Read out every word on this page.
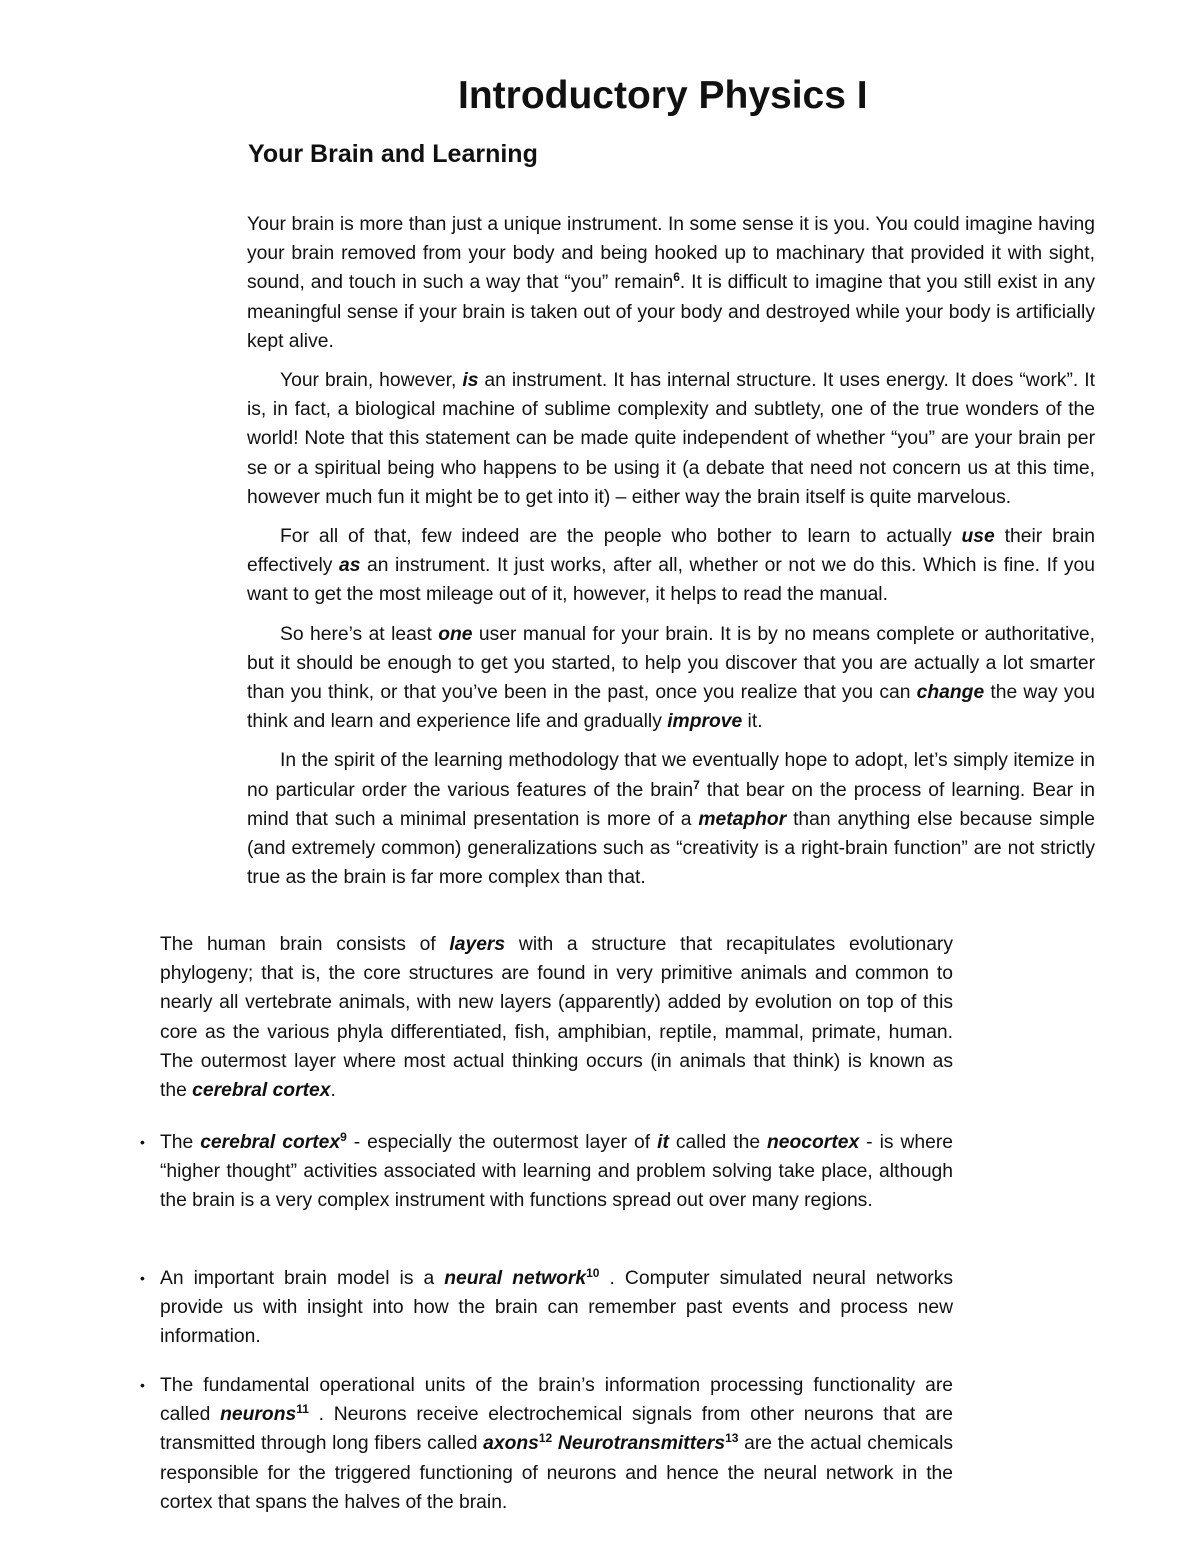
Introductory Physics I
Your Brain and Learning

Your brain is more than just a unique instrument. In some sense it is you. You could imagine having your brain removed from your body and being hooked up to machinary that provided it with sight, sound, and touch in such a way that “you” remain$^6$. It is difficult to imagine that you still exist in any meaningful sense if your brain is taken out of your body and destroyed while your body is artificially kept alive.

Your brain, however, is an instrument. It has internal structure. It uses energy. It does “work”. It is, in fact, a biological machine of sublime complexity and subtlety, one of the true wonders of the world! Note that this statement can be made quite independent of whether “you” are your brain per se or a spiritual being who happens to be using it (a debate that need not concern us at this time, however much fun it might be to get into it) – either way the brain itself is quite marvelous.

For all of that, few indeed are the people who bother to learn to actually use their brain effectively as an instrument. It just works, after all, whether or not we do this. Which is fine. If you want to get the most mileage out of it, however, it helps to read the manual.

So here’s at least one user manual for your brain. It is by no means complete or authoritative, but it should be enough to get you started, to help you discover that you are actually a lot smarter than you think, or that you’ve been in the past, once you realize that you can change the way you think and learn and experience life and gradually improve it.

In the spirit of the learning methodology that we eventually hope to adopt, let’s simply itemize in no particular order the various features of the brain$^7$ that bear on the process of learning. Bear in mind that such a minimal presentation is more of a metaphor than anything else because simple (and extremely common) generalizations such as “creativity is a right-brain function” are not strictly true as the brain is far more complex than that.

The human brain consists of layers with a structure that recapitulates evolutionary phylogeny; that is, the core structures are found in very primitive animals and common to nearly all vertebrate animals, with new layers (apparently) added by evolution on top of this core as the various phyla differentiated, fish, amphibian, reptile, mammal, primate, human. The outermost layer where most actual thinking occurs (in animals that think) is known as the cerebral cortex.

• The cerebral cortex$^9$ - especially the outermost layer of it called the neocortex - is where “higher thought” activities associated with learning and problem solving take place, although the brain is a very complex instrument with functions spread out over many regions.
• An important brain model is a neural network$^{10}$ . Computer simulated neural networks provide us with insight into how the brain can remember past events and process new information.
• The fundamental operational units of the brain’s information processing functionality are called neurons$^{11}$ . Neurons receive electrochemical signals from other neurons that are transmitted through long fibers called axons$^{12}$ Neurotransmitters$^{13}$ are the actual chemicals responsible for the triggered functioning of neurons and hence the neural network in the cortex that spans the halves of the brain.
